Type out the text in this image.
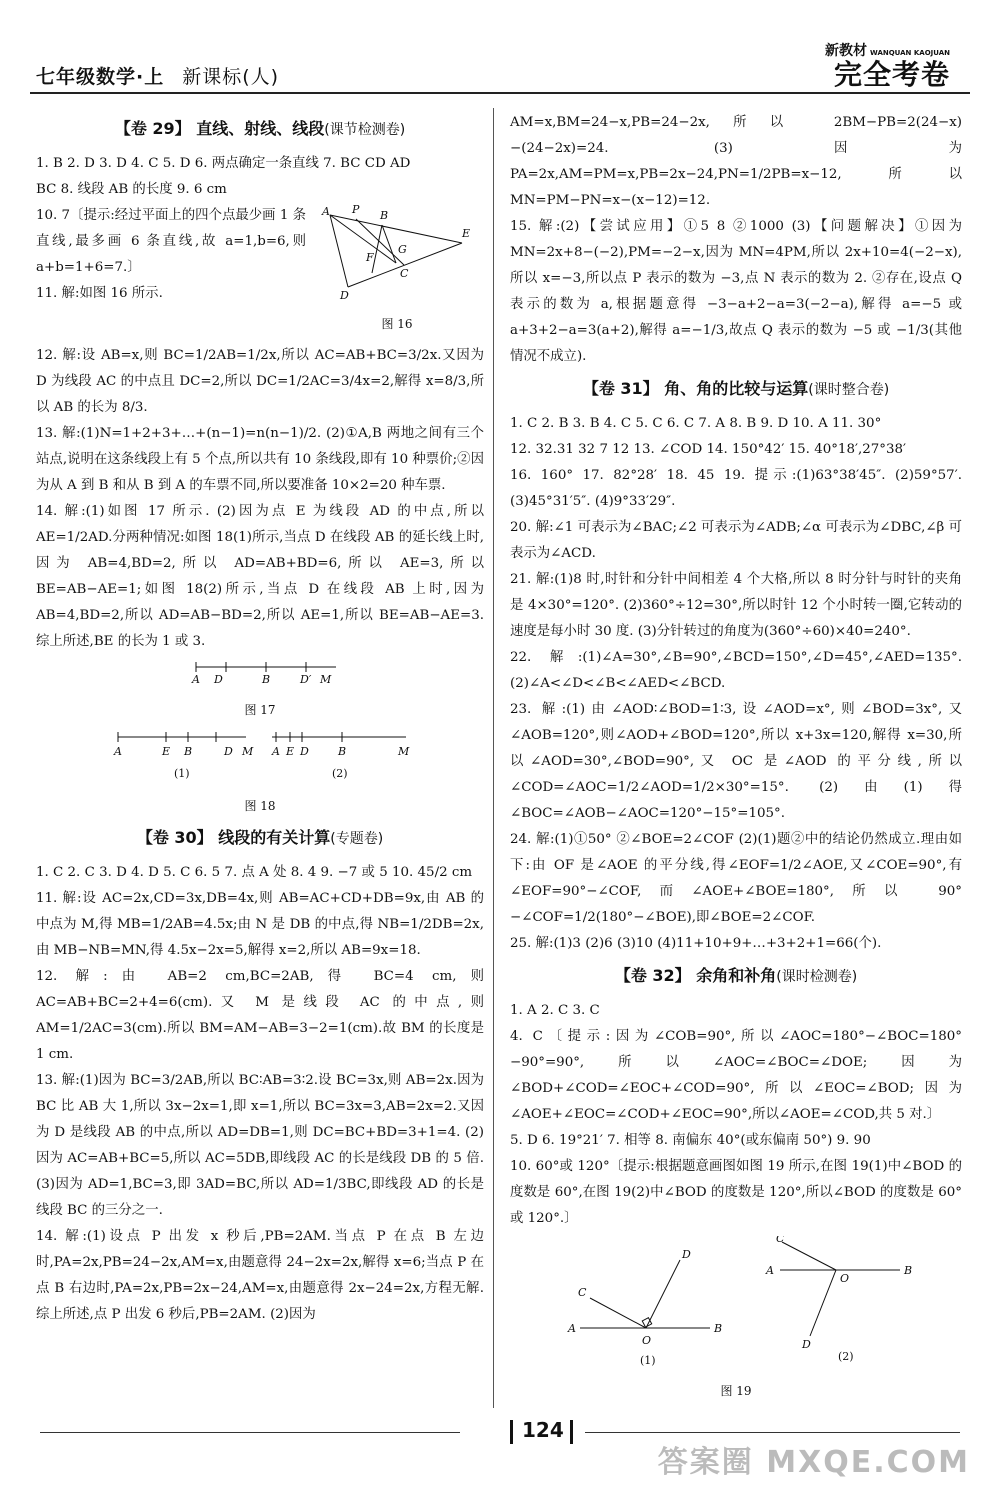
七年级数学·上 新课标(人)
新教材 WANQUAN KAOJUAN
完全考卷
【卷 29】 直线、射线、线段(课节检测卷)

1. B 2. D 3. D 4. C 5. D 6. 两点确定一条直线 7. BC CD AD

BC 8. 线段 AB 的长度 9. 6 cm

10. 7〔提示:经过平面上的四个点最少画 1 条直线,最多画 6 条直线,故 a=1,b=6,则 a+b=1+6=7.〕

11. 解:如图 16 所示.

A P B
E
F
G
C
D
图 16

12. 解:设 AB=x,则 BC=1/2AB=1/2x,所以 AC=AB+BC=3/2x.又因为 D 为线段 AC 的中点且 DC=2,所以 DC=1/2AC=3/4x=2,解得 x=8/3,所以 AB 的长为 8/3.

13. 解:(1)N=1+2+3+…+(n−1)=n(n−1)/2. (2)①A,B 两地之间有三个站点,说明在这条线段上有 5 个点,所以共有 10 条线段,即有 10 种票价;②因为从 A 到 B 和从 B 到 A 的车票不同,所以要准备 10×2=20 种车票.

14. 解:(1)如图 17 所示. (2)因为点 E 为线段 AD 的中点,所以 AE=1/2AD.分两种情况:如图 18(1)所示,当点 D 在线段 AB 的延长线上时,因为 AB=4,BD=2,所以 AD=AB+BD=6,所以 AE=3,所以 BE=AB−AE=1;如图 18(2)所示,当点 D 在线段 AB 上时,因为 AB=4,BD=2,所以 AD=AB−BD=2,所以 AE=1,所以 BE=AB−AE=3.综上所述,BE 的长为 1 或 3.

A D	B	D′ M
图 17
A	E B	D M A E D	B	M
(1)	(2)
图 18
【卷 30】 线段的有关计算(专题卷)

1. C 2. C 3. D 4. D 5. C 6. 5 7. 点 A 处 8. 4 9. −7 或 5 10. 45/2 cm

11. 解:设 AC=2x,CD=3x,DB=4x,则 AB=AC+CD+DB=9x,由 AB 的中点为 M,得 MB=1/2AB=4.5x;由 N 是 DB 的中点,得 NB=1/2DB=2x,由 MB−NB=MN,得 4.5x−2x=5,解得 x=2,所以 AB=9x=18.

12. 解:由 AB=2 cm,BC=2AB,得 BC=4 cm,则 AC=AB+BC=2+4=6(cm).又 M 是线段 AC 的中点,则 AM=1/2AC=3(cm).所以 BM=AM−AB=3−2=1(cm).故 BM 的长度是 1 cm.

13. 解:(1)因为 BC=3/2AB,所以 BC∶AB=3∶2.设 BC=3x,则 AB=2x.因为 BC 比 AB 大 1,所以 3x−2x=1,即 x=1,所以 BC=3x=3,AB=2x=2.又因为 D 是线段 AB 的中点,所以 AD=DB=1,则 DC=BC+BD=3+1=4. (2)因为 AC=AB+BC=5,所以 AC=5DB,即线段 AC 的长是线段 DB 的 5 倍. (3)因为 AD=1,BC=3,即 3AD=BC,所以 AD=1/3BC,即线段 AD 的长是线段 BC 的三分之一.

14. 解:(1)设点 P 出发 x 秒后,PB=2AM.当点 P 在点 B 左边时,PA=2x,PB=24−2x,AM=x,由题意得 24−2x=2x,解得 x=6;当点 P 在点 B 右边时,PA=2x,PB=2x−24,AM=x,由题意得 2x−24=2x,方程无解.综上所述,点 P 出发 6 秒后,PB=2AM. (2)因为

AM=x,BM=24−x,PB=24−2x,所以 2BM−PB=2(24−x)−(24−2x)=24. (3)因为 PA=2x,AM=PM=x,PB=2x−24,PN=1/2PB=x−12,所以 MN=PM−PN=x−(x−12)=12.

15. 解:(2)【尝试应用】①5 8 ②1000 (3)【问题解决】①因为 MN=2x+8−(−2),PM=−2−x,因为 MN=4PM,所以 2x+10=4(−2−x),所以 x=−3,所以点 P 表示的数为 −3,点 N 表示的数为 2. ②存在,设点 Q 表示的数为 a,根据题意得 −3−a+2−a=3(−2−a),解得 a=−5 或 a+3+2−a=3(a+2),解得 a=−1/3,故点 Q 表示的数为 −5 或 −1/3(其他情况不成立).

【卷 31】 角、角的比较与运算(课时整合卷)

1. C 2. B 3. B 4. C 5. C 6. C 7. A 8. B 9. D 10. A 11. 30°

12. 32.31 32 7 12 13. ∠COD 14. 150°42′ 15. 40°18′,27°38′

16. 160° 17. 82°28′ 18. 45 19. 提示:(1)63°38′45″. (2)59°57′. (3)45°31′5″. (4)9°33′29″.

20. 解:∠1 可表示为∠BAC;∠2 可表示为∠ADB;∠α 可表示为∠DBC,∠β 可表示为∠ACD.

21. 解:(1)8 时,时针和分针中间相差 4 个大格,所以 8 时分针与时针的夹角是 4×30°=120°. (2)360°÷12=30°,所以时针 12 个小时转一圈,它转动的速度是每小时 30 度. (3)分针转过的角度为(360°÷60)×40=240°.

22. 解:(1)∠A=30°,∠B=90°,∠BCD=150°,∠D=45°,∠AED=135°. (2)∠A<∠D<∠B<∠AED<∠BCD.

23. 解:(1)由∠AOD∶∠BOD=1∶3,设∠AOD=x°,则∠BOD=3x°,又∠AOB=120°,则∠AOD+∠BOD=120°,所以 x+3x=120,解得 x=30,所以∠AOD=30°,∠BOD=90°,又 OC 是∠AOD 的平分线,所以∠COD=∠AOC=1/2∠AOD=1/2×30°=15°. (2)由(1)得∠BOC=∠AOB−∠AOC=120°−15°=105°.

24. 解:(1)①50° ②∠BOE=2∠COF (2)(1)题②中的结论仍然成立.理由如下:由 OF 是∠AOE 的平分线,得∠EOF=1/2∠AOE,又∠COE=90°,有∠EOF=90°−∠COF,而∠AOE+∠BOE=180°,所以 90°−∠COF=1/2(180°−∠BOE),即∠BOE=2∠COF.

25. 解:(1)3 (2)6 (3)10 (4)11+10+9+…+3+2+1=66(个).

【卷 32】 余角和补角(课时检测卷)

1. A 2. C 3. C

4. C〔提示:因为∠COB=90°,所以∠AOC=180°−∠BOC=180°−90°=90°,所以∠AOC=∠BOC=∠DOE;因为∠BOD+∠COD=∠EOC+∠COD=90°,所以∠EOC=∠BOD;因为∠AOE+∠EOC=∠COD+∠EOC=90°,所以∠AOE=∠COD,共 5 对.〕

5. D 6. 19°21′ 7. 相等 8. 南偏东 40°(或东偏南 50°) 9. 90

10. 60°或 120°〔提示:根据题意画图如图 19 所示,在图 19(1)中∠BOD 的度数是 60°,在图 19(2)中∠BOD 的度数是 120°,所以∠BOD 的度数是 60°或 120°.〕

D
C
A
O
B
(1)
C
A
O
B
D
(2)
图 19
124
答案圈 MXQE.COM
